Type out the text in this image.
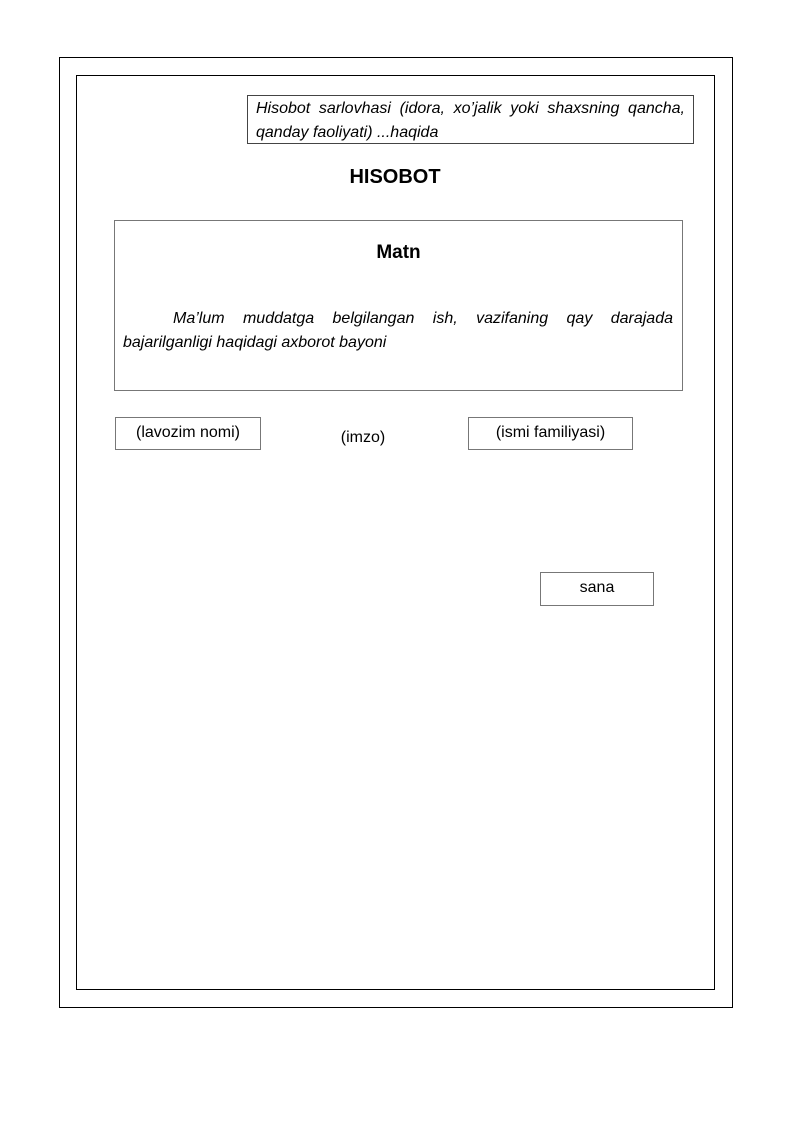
Hisobot sarlovhasi (idora, xo’jalik yoki shaxsning qancha, qanday faoliyati) ...haqida
HISOBOT
Matn
Ma’lum muddatga belgilangan ish, vazifaning qay darajada bajarilganligi haqidagi axborot bayoni
(lavozim nomi)	(imzo)	(ismi familiyasi)
sana
